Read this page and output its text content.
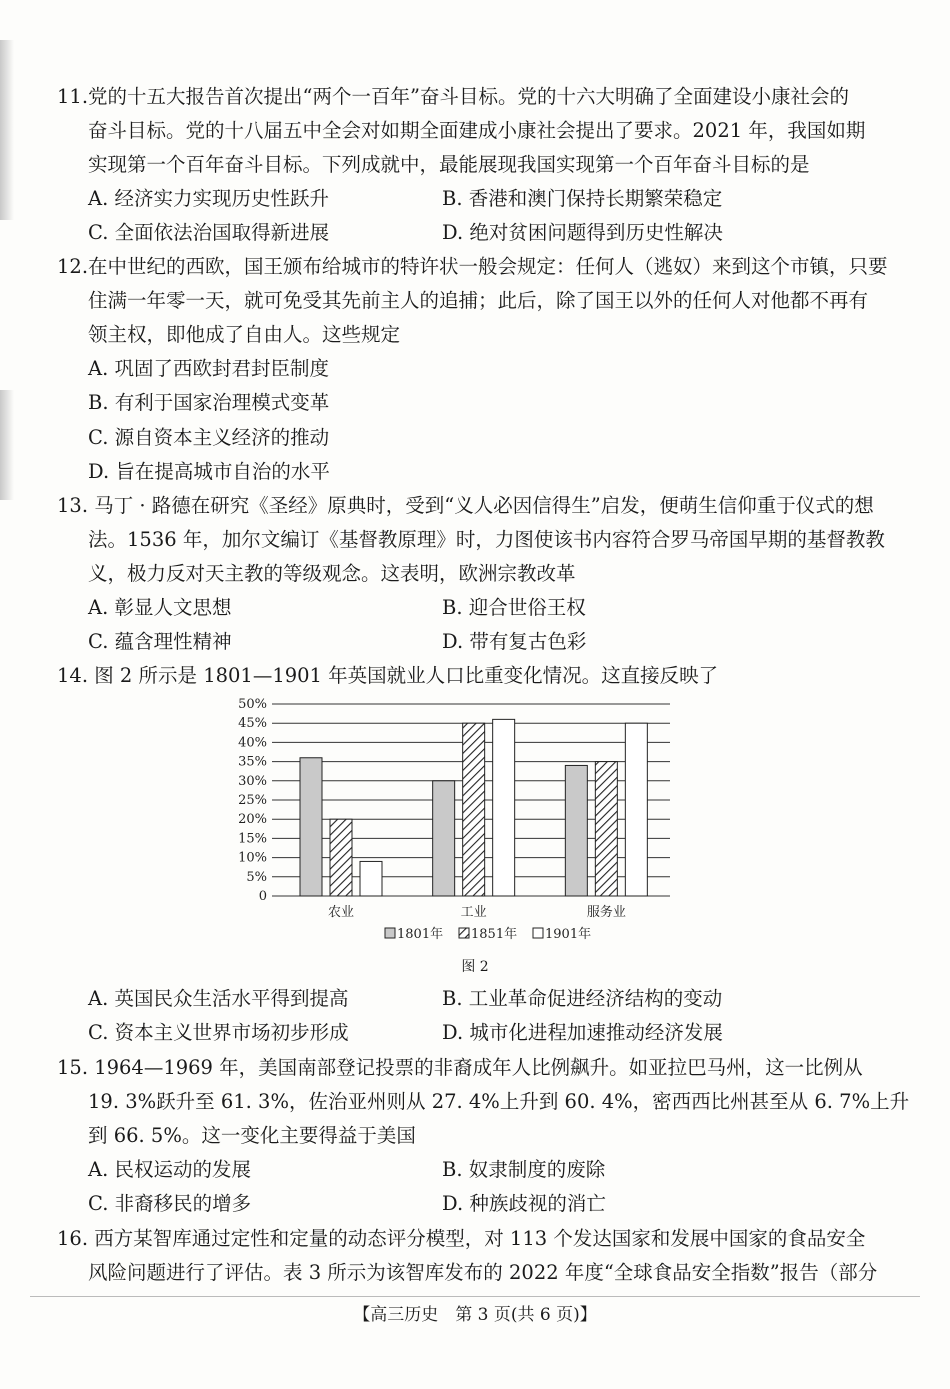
11.党的十五大报告首次提出“两个一百年”奋斗目标。党的十六大明确了全面建设小康社会的
奋斗目标。党的十八届五中全会对如期全面建成小康社会提出了要求。2021 年，我国如期
实现第一个百年奋斗目标。下列成就中，最能展现我国实现第一个百年奋斗目标的是
A. 经济实力实现历史性跃升	B. 香港和澳门保持长期繁荣稳定
C. 全面依法治国取得新进展	D. 绝对贫困问题得到历史性解决
12.在中世纪的西欧，国王颁布给城市的特许状一般会规定：任何人（逃奴）来到这个市镇，只要
住满一年零一天，就可免受其先前主人的追捕；此后，除了国王以外的任何人对他都不再有
领主权，即他成了自由人。这些规定
A. 巩固了西欧封君封臣制度
B. 有利于国家治理模式变革
C. 源自资本主义经济的推动
D. 旨在提高城市自治的水平
13. 马丁 · 路德在研究《圣经》原典时，受到“义人必因信得生”启发，便萌生信仰重于仪式的想
法。1536 年，加尔文编订《基督教原理》时，力图使该书内容符合罗马帝国早期的基督教教
义，极力反对天主教的等级观念。这表明，欧洲宗教改革
A. 彰显人文思想	B. 迎合世俗王权
C. 蕴含理性精神	D. 带有复古色彩
14. 图 2 所示是 1801—1901 年英国就业人口比重变化情况。这直接反映了
0
5%
10%
15%
20%
25%
30%
35%
40%
45%
50%
农业	工业	服务业
1801年 1851年 1901年
图 2
A. 英国民众生活水平得到提高	B. 工业革命促进经济结构的变动
C. 资本主义世界市场初步形成	D. 城市化进程加速推动经济发展
15. 1964—1969 年，美国南部登记投票的非裔成年人比例飙升。如亚拉巴马州，这一比例从
19. 3%跃升至 61. 3%，佐治亚州则从 27. 4%上升到 60. 4%，密西西比州甚至从 6. 7%上升
到 66. 5%。这一变化主要得益于美国
A. 民权运动的发展	B. 奴隶制度的废除
C. 非裔移民的增多	D. 种族歧视的消亡
16. 西方某智库通过定性和定量的动态评分模型，对 113 个发达国家和发展中国家的食品安全
风险问题进行了评估。表 3 所示为该智库发布的 2022 年度“全球食品安全指数”报告（部分
【高三历史　第 3 页(共 6 页)】
